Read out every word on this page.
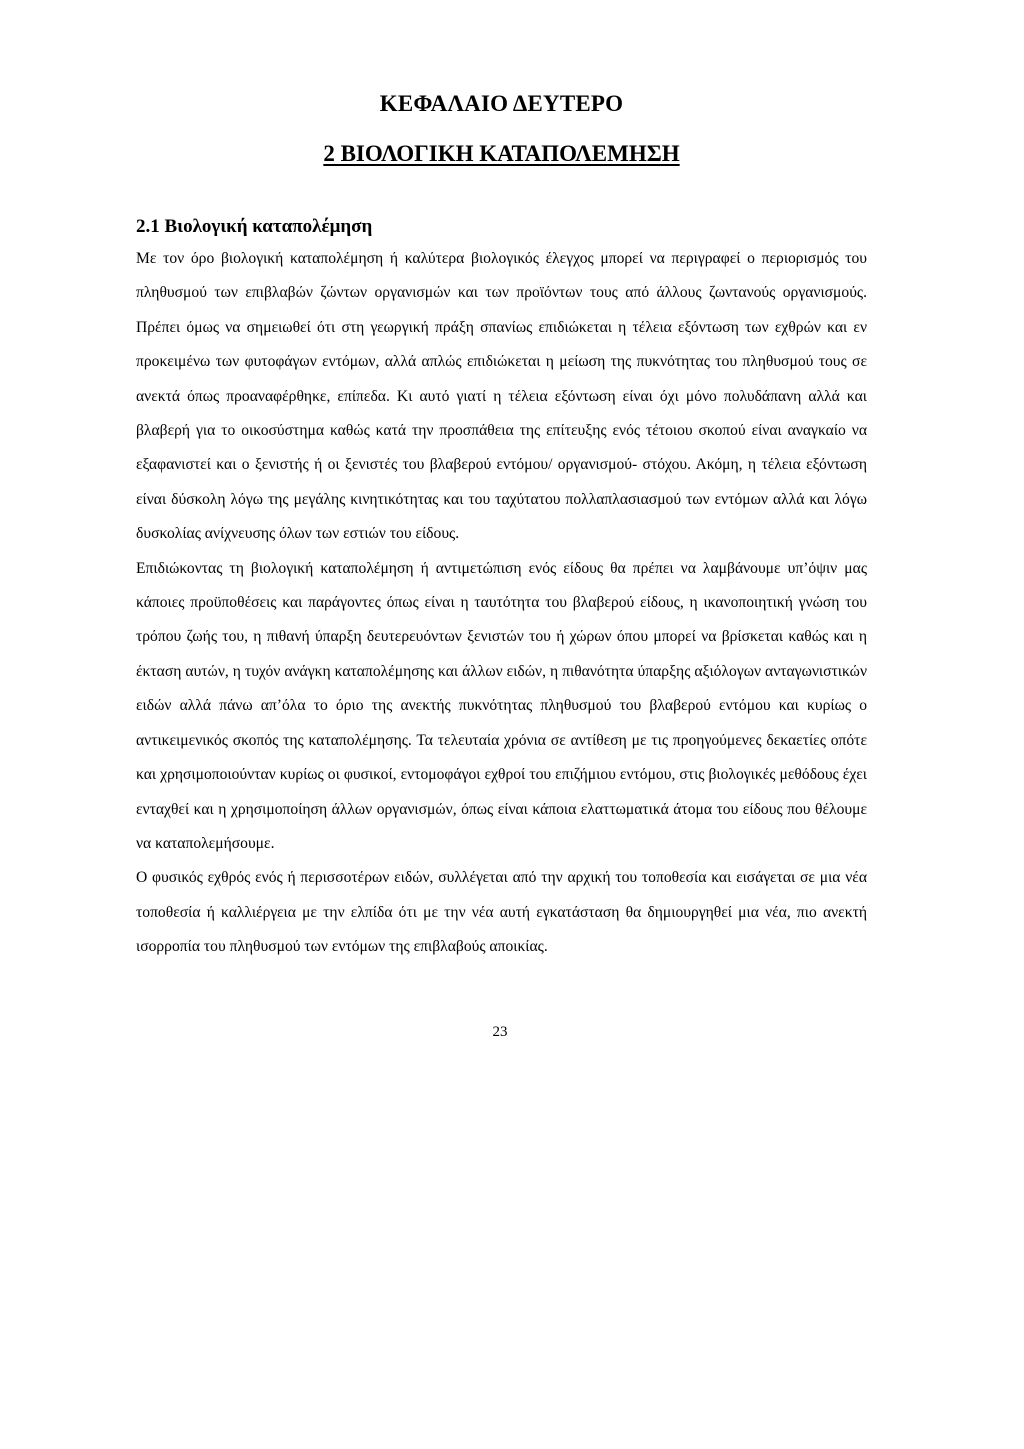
ΚΕΦΑΛΑΙΟ ΔΕΥΤΕΡΟ
2 ΒΙΟΛΟΓΙΚΗ ΚΑΤΑΠΟΛΕΜΗΣΗ
2.1 Βιολογική καταπολέμηση

Με τον όρο βιολογική καταπολέμηση ή καλύτερα βιολογικός έλεγχος μπορεί να περιγραφεί ο περιορισμός του πληθυσμού των επιβλαβών ζώντων οργανισμών και των προϊόντων τους από άλλους ζωντανούς οργανισμούς. Πρέπει όμως να σημειωθεί ότι στη γεωργική πράξη σπανίως επιδιώκεται η τέλεια εξόντωση των εχθρών και εν προκειμένω των φυτοφάγων εντόμων, αλλά απλώς επιδιώκεται η μείωση της πυκνότητας του πληθυσμού τους σε ανεκτά όπως προαναφέρθηκε, επίπεδα. Κι αυτό γιατί η τέλεια εξόντωση είναι όχι μόνο πολυδάπανη αλλά και βλαβερή για το οικοσύστημα καθώς κατά την προσπάθεια της επίτευξης ενός τέτοιου σκοπού είναι αναγκαίο να εξαφανιστεί και ο ξενιστής ή οι ξενιστές του βλαβερού εντόμου/ οργανισμού- στόχου. Ακόμη, η τέλεια εξόντωση είναι δύσκολη λόγω της μεγάλης κινητικότητας και του ταχύτατου πολλαπλασιασμού των εντόμων αλλά και λόγω δυσκολίας ανίχνευσης όλων των εστιών του είδους.

Επιδιώκοντας τη βιολογική καταπολέμηση ή αντιμετώπιση ενός είδους θα πρέπει να λαμβάνουμε υπ’όψιν μας κάποιες προϋποθέσεις και παράγοντες όπως είναι η ταυτότητα του βλαβερού είδους, η ικανοποιητική γνώση του τρόπου ζωής του, η πιθανή ύπαρξη δευτερευόντων ξενιστών του ή χώρων όπου μπορεί να βρίσκεται καθώς και η έκταση αυτών, η τυχόν ανάγκη καταπολέμησης και άλλων ειδών, η πιθανότητα ύπαρξης αξιόλογων ανταγωνιστικών ειδών αλλά πάνω απ’όλα το όριο της ανεκτής πυκνότητας πληθυσμού του βλαβερού εντόμου και κυρίως ο αντικειμενικός σκοπός της καταπολέμησης. Τα τελευταία χρόνια σε αντίθεση με τις προηγούμενες δεκαετίες οπότε και χρησιμοποιούνταν κυρίως οι φυσικοί, εντομοφάγοι εχθροί του επιζήμιου εντόμου, στις βιολογικές μεθόδους έχει ενταχθεί και η χρησιμοποίηση άλλων οργανισμών, όπως είναι κάποια ελαττωματικά άτομα του είδους που θέλουμε να καταπολεμήσουμε.

Ο φυσικός εχθρός ενός ή περισσοτέρων ειδών, συλλέγεται από την αρχική του τοποθεσία και εισάγεται σε μια νέα τοποθεσία ή καλλιέργεια με την ελπίδα ότι με την νέα αυτή εγκατάσταση θα δημιουργηθεί μια νέα, πιο ανεκτή ισορροπία του πληθυσμού των εντόμων της επιβλαβούς αποικίας.

23
